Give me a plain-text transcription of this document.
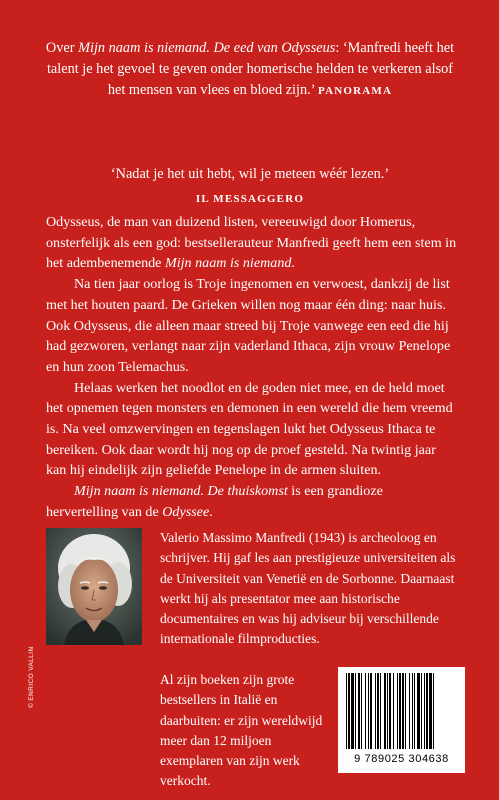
Over Mijn naam is niemand. De eed van Odysseus: ‘Manfredi heeft het talent je het gevoel te geven onder homerische helden te verkeren alsof het mensen van vlees en bloed zijn.’ PANORAMA
‘Nadat je het uit hebt, wil je meteen wéér lezen.’
IL MESSAGGERO

Odysseus, de man van duizend listen, vereeuwigd door Homerus, onsterfelijk als een god: bestsellerauteur Manfredi geeft hem een stem in het adembenemende Mijn naam is niemand.

Na tien jaar oorlog is Troje ingenomen en verwoest, dankzij de list met het houten paard. De Grieken willen nog maar één ding: naar huis. Ook Odysseus, die alleen maar streed bij Troje vanwege een eed die hij had gezworen, verlangt naar zijn vaderland Ithaca, zijn vrouw Penelope en hun zoon Telemachus.

Helaas werken het noodlot en de goden niet mee, en de held moet het opnemen tegen monsters en demonen in een wereld die hem vreemd is. Na veel omzwervingen en tegenslagen lukt het Odysseus Ithaca te bereiken. Ook daar wordt hij nog op de proef gesteld. Na twintig jaar kan hij eindelijk zijn geliefde Penelope in de armen sluiten.

Mijn naam is niemand. De thuiskomst is een grandioze hervertelling van de Odyssee.

© ENRICO VALLIN
Valerio Massimo Manfredi (1943) is archeoloog en schrijver. Hij gaf les aan prestigieuze universiteiten als de Universiteit van Venetië en de Sorbonne. Daarnaast werkt hij als presentator mee aan historische documentaires en was hij adviseur bij verschillende internationale filmproducties.
Al zijn boeken zijn grote bestsellers in Italië en daarbuiten: er zijn wereldwijd meer dan 12 miljoen exemplaren van zijn werk verkocht.
9 789025 304638
